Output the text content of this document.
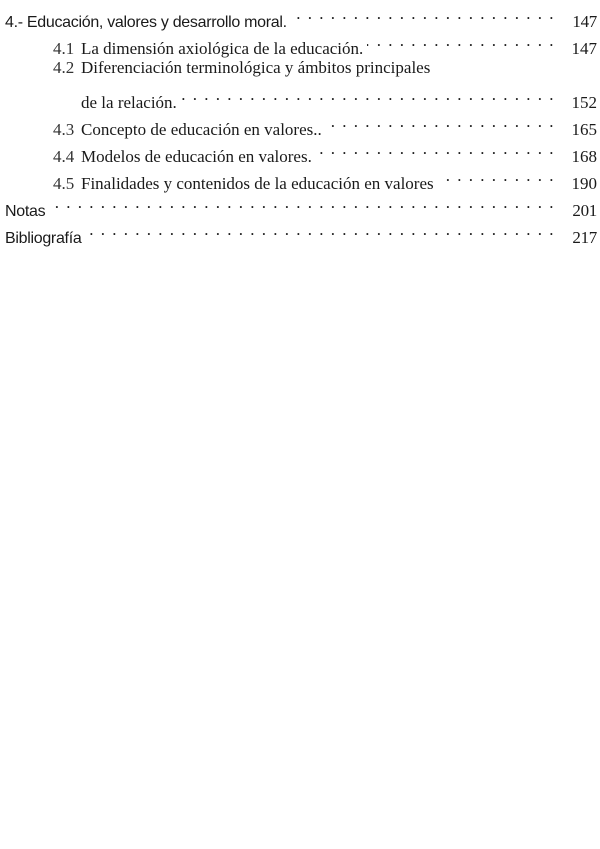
4.- Educación, valores y desarrollo moral. . . .	147
4.1 La dimensión axiológica de la educación. . . .	147
4.2 Diferenciación terminológica y ámbitos principales
de la relación. . . .	152
4.3 Concepto de educación en valores.. . . .	165
4.4 Modelos de educación en valores. . . .	168
4.5 Finalidades y contenidos de la educación en valores . . .	190
Notas . . .	201
Bibliografía . . .	217
